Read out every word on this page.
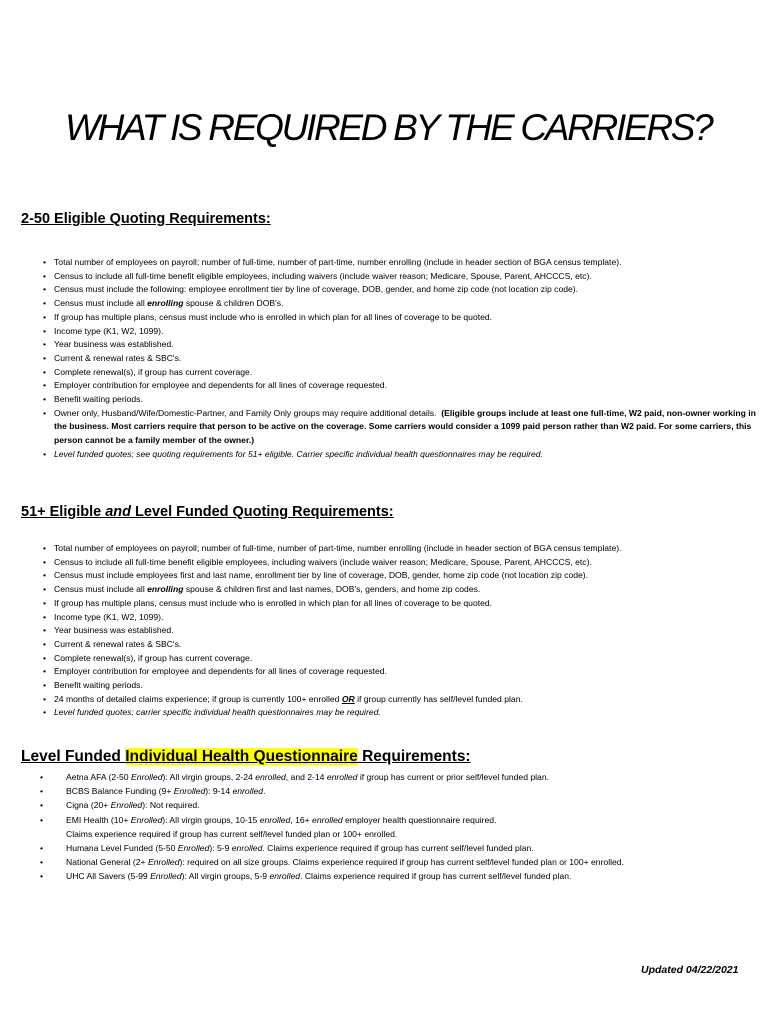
WHAT IS REQUIRED BY THE CARRIERS?
2-50 Eligible Quoting Requirements:
• Total number of employees on payroll; number of full-time, number of part-time, number enrolling (include in header section of BGA census template).
• Census to include all full-time benefit eligible employees, including waivers (include waiver reason; Medicare, Spouse, Parent, AHCCCS, etc).
• Census must include the following: employee enrollment tier by line of coverage, DOB, gender, and home zip code (not location zip code).
• Census must include all enrolling spouse & children DOB's.
• If group has multiple plans, census must include who is enrolled in which plan for all lines of coverage to be quoted.
• Income type (K1, W2, 1099).
• Year business was established.
• Current & renewal rates & SBC's.
• Complete renewal(s), if group has current coverage.
• Employer contribution for employee and dependents for all lines of coverage requested.
• Benefit waiting periods.
• Owner only, Husband/Wife/Domestic-Partner, and Family Only groups may require additional details. (Eligible groups include at least one full-time, W2 paid, non-owner working in the business. Most carriers require that person to be active on the coverage. Some carriers would consider a 1099 paid person rather than W2 paid. For some carriers, this person cannot be a family member of the owner.)
• Level funded quotes; see quoting requirements for 51+ eligible. Carrier specific individual health questionnaires may be required.
51+ Eligible and Level Funded Quoting Requirements:
• Total number of employees on payroll; number of full-time, number of part-time, number enrolling (include in header section of BGA census template).
• Census to include all full-time benefit eligible employees, including waivers (include waiver reason; Medicare, Spouse, Parent, AHCCCS, etc).
• Census must include employees first and last name, enrollment tier by line of coverage, DOB, gender, home zip code (not location zip code).
• Census must include all enrolling spouse & children first and last names, DOB's, genders, and home zip codes.
• If group has multiple plans, census must include who is enrolled in which plan for all lines of coverage to be quoted.
• Income type (K1, W2, 1099).
• Year business was established.
• Current & renewal rates & SBC's.
• Complete renewal(s), if group has current coverage.
• Employer contribution for employee and dependents for all lines of coverage requested.
• Benefit waiting periods.
• 24 months of detailed claims experience; if group is currently 100+ enrolled OR if group currently has self/level funded plan.
• Level funded quotes; carrier specific individual health questionnaires may be required.
Level Funded Individual Health Questionnaire Requirements:
• Aetna AFA (2-50 Enrolled): All virgin groups, 2-24 enrolled, and 2-14 enrolled if group has current or prior self/level funded plan.
• BCBS Balance Funding (9+ Enrolled): 9-14 enrolled.
• Cigna (20+ Enrolled): Not required.
• EMI Health (10+ Enrolled): All virgin groups, 10-15 enrolled, 16+ enrolled employer health questionnaire required.
Claims experience required if group has current self/level funded plan or 100+ enrolled.
• Humana Level Funded (5-50 Enrolled): 5-9 enrolled. Claims experience required if group has current self/level funded plan.
• National General (2+ Enrolled): required on all size groups. Claims experience required if group has current self/level funded plan or 100+ enrolled.
• UHC All Savers (5-99 Enrolled): All virgin groups, 5-9 enrolled. Claims experience required if group has current self/level funded plan.
Updated 04/22/2021
